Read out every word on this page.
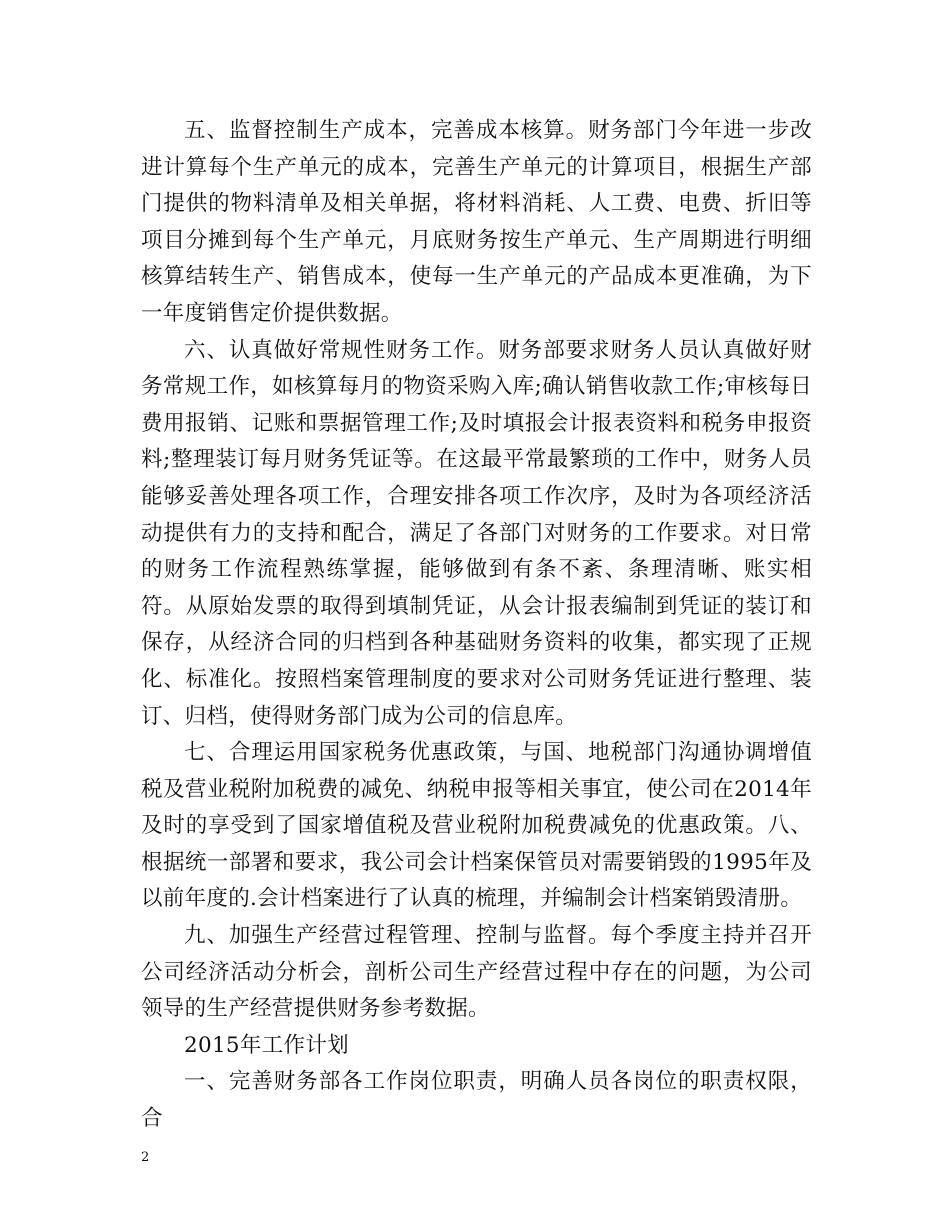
五、监督控制生产成本，完善成本核算。财务部门今年进一步改进计算每个生产单元的成本，完善生产单元的计算项目，根据生产部门提供的物料清单及相关单据，将材料消耗、人工费、电费、折旧等项目分摊到每个生产单元，月底财务按生产单元、生产周期进行明细核算结转生产、销售成本，使每一生产单元的产品成本更准确，为下一年度销售定价提供数据。

六、认真做好常规性财务工作。财务部要求财务人员认真做好财务常规工作，如核算每月的物资采购入库;确认销售收款工作;审核每日费用报销、记账和票据管理工作;及时填报会计报表资料和税务申报资料;整理装订每月财务凭证等。在这最平常最繁琐的工作中，财务人员能够妥善处理各项工作，合理安排各项工作次序，及时为各项经济活动提供有力的支持和配合，满足了各部门对财务的工作要求。对日常的财务工作流程熟练掌握，能够做到有条不紊、条理清晰、账实相符。从原始发票的取得到填制凭证，从会计报表编制到凭证的装订和保存，从经济合同的归档到各种基础财务资料的收集，都实现了正规化、标准化。按照档案管理制度的要求对公司财务凭证进行整理、装订、归档，使得财务部门成为公司的信息库。

七、合理运用国家税务优惠政策，与国、地税部门沟通协调增值税及营业税附加税费的减免、纳税申报等相关事宜，使公司在2014年及时的享受到了国家增值税及营业税附加税费减免的优惠政策。八、根据统一部署和要求，我公司会计档案保管员对需要销毁的1995年及以前年度的.会计档案进行了认真的梳理，并编制会计档案销毁清册。

九、加强生产经营过程管理、控制与监督。每个季度主持并召开公司经济活动分析会，剖析公司生产经营过程中存在的问题，为公司领导的生产经营提供财务参考数据。

2015年工作计划

一、完善财务部各工作岗位职责，明确人员各岗位的职责权限，合

2
